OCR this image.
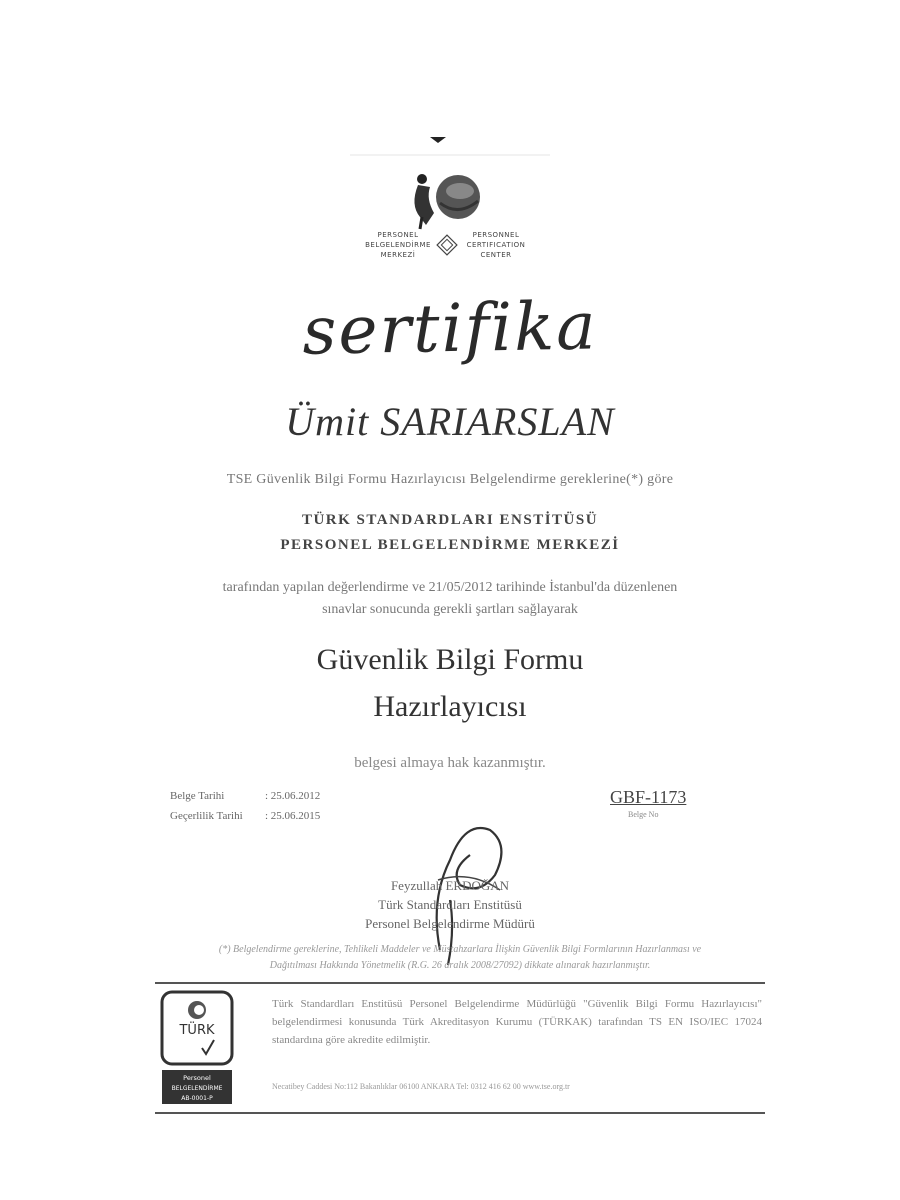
PERSONEL
BELGELENDİRME
MERKEZİ
PERSONNEL
CERTIFICATION
CENTER
sertifika
Ümit SARIARSLAN
TSE Güvenlik Bilgi Formu Hazırlayıcısı Belgelendirme gereklerine(*) göre
TÜRK STANDARDLARI ENSTİTÜSÜ
PERSONEL BELGELENDİRME MERKEZİ
tarafından yapılan değerlendirme ve 21/05/2012 tarihinde İstanbul'da düzenlenen
sınavlar sonucunda gerekli şartları sağlayarak
Güvenlik Bilgi Formu
Hazırlayıcısı
belgesi almaya hak kazanmıştır.
Belge Tarihi	: 25.06.2012
Geçerlilik Tarihi : 25.06.2015
GBF-1173
Belge No
Feyzullah ERDOĞAN
Türk Standardları Enstitüsü
Personel Belgelendirme Müdürü
(*) Belgelendirme gereklerine, Tehlikeli Maddeler ve Müstahzarlara İlişkin Güvenlik Bilgi Formlarının Hazırlanması ve
Dağıtılması Hakkında Yönetmelik (R.G. 26 aralık 2008/27092) dikkate alınarak hazırlanmıştır.
TÜRK
Personel
BELGELENDİRME
AB-0001-P
Türk Standardları Enstitüsü Personel Belgelendirme Müdürlüğü "Güvenlik Bilgi Formu Hazırlayıcısı" belgelendirmesi konusunda Türk Akreditasyon Kurumu (TÜRKAK) tarafından TS EN ISO/IEC 17024 standardına göre akredite edilmiştir.
Necatibey Caddesi No:112 Bakanlıklar 06100 ANKARA Tel: 0312 416 62 00 www.tse.org.tr
